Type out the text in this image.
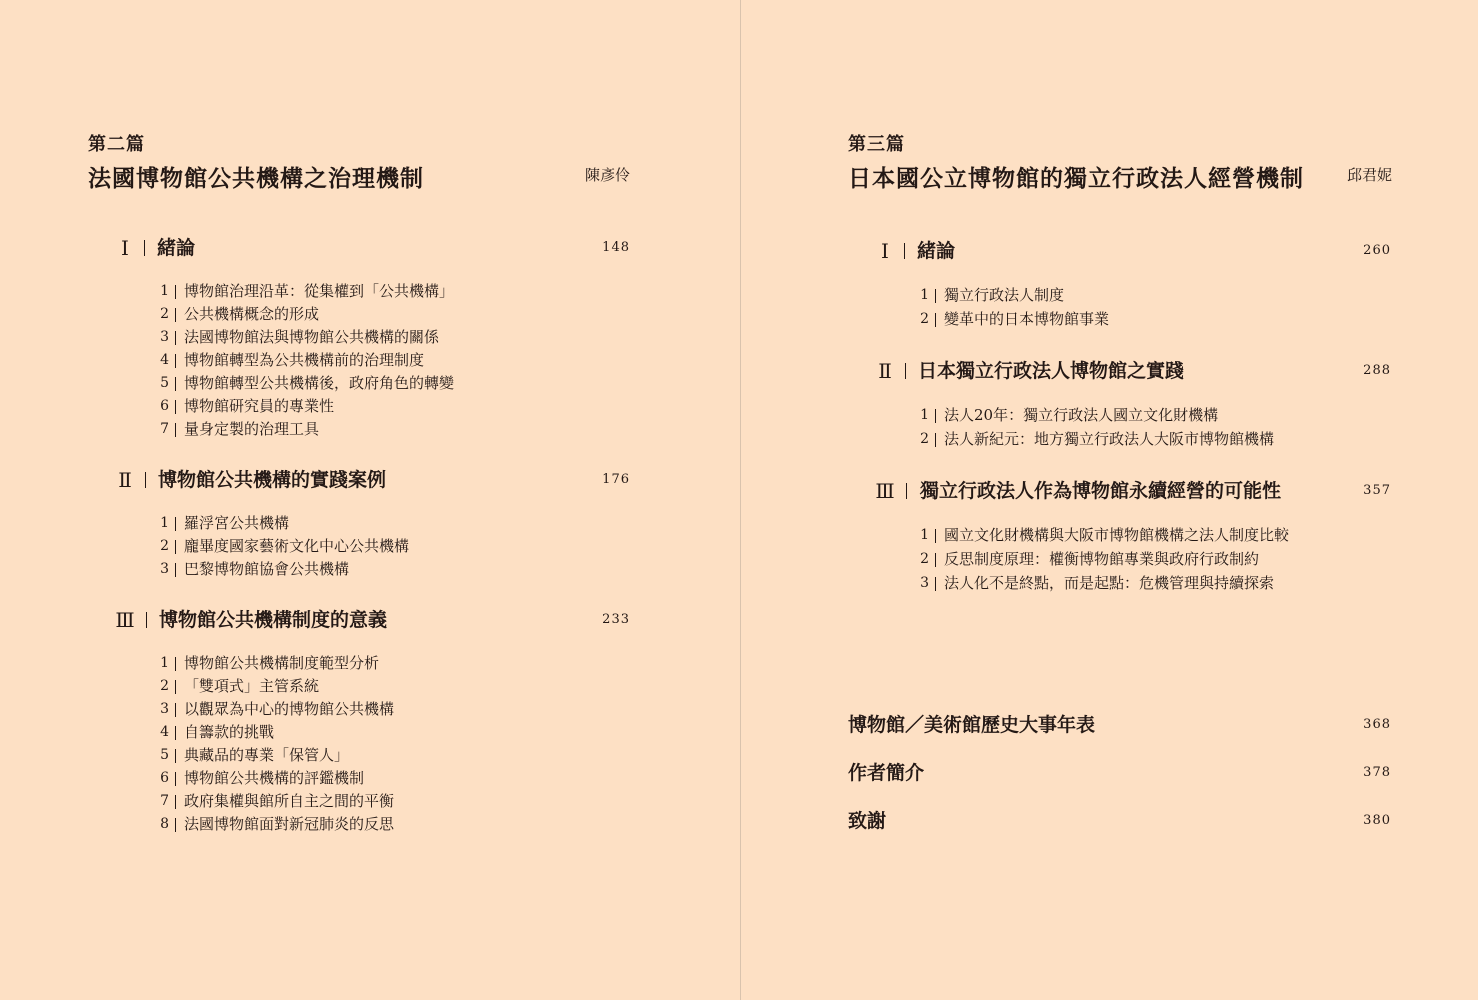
第二篇
法國博物館公共機構之治理機制	陳彥伶
Ⅰ	緒論	148
1 博物館治理沿革：從集權到「公共機構」
2 公共機構概念的形成
3 法國博物館法與博物館公共機構的關係
4 博物館轉型為公共機構前的治理制度
5 博物館轉型公共機構後，政府角色的轉變
6 博物館研究員的專業性
7 量身定製的治理工具
Ⅱ 博物館公共機構的實踐案例	176
1 羅浮宮公共機構
2 龐畢度國家藝術文化中心公共機構
3 巴黎博物館協會公共機構
Ⅲ 博物館公共機構制度的意義	233
1 博物館公共機構制度範型分析
2 「雙項式」主管系統
3 以觀眾為中心的博物館公共機構
4 自籌款的挑戰
5 典藏品的專業「保管人」
6 博物館公共機構的評鑑機制
7 政府集權與館所自主之間的平衡
8 法國博物館面對新冠肺炎的反思
第三篇
日本國公立博物館的獨立行政法人經營機制	邱君妮
Ⅰ	緒論	260
1 獨立行政法人制度
2 變革中的日本博物館事業
Ⅱ 日本獨立行政法人博物館之實踐	288
1 法人20年：獨立行政法人國立文化財機構
2 法人新紀元：地方獨立行政法人大阪市博物館機構
Ⅲ 獨立行政法人作為博物館永續經營的可能性	357
1 國立文化財機構與大阪市博物館機構之法人制度比較
2 反思制度原理：權衡博物館專業與政府行政制約
3 法人化不是終點，而是起點：危機管理與持續探索
博物館／美術館歷史大事年表	368
作者簡介	378
致謝	380
